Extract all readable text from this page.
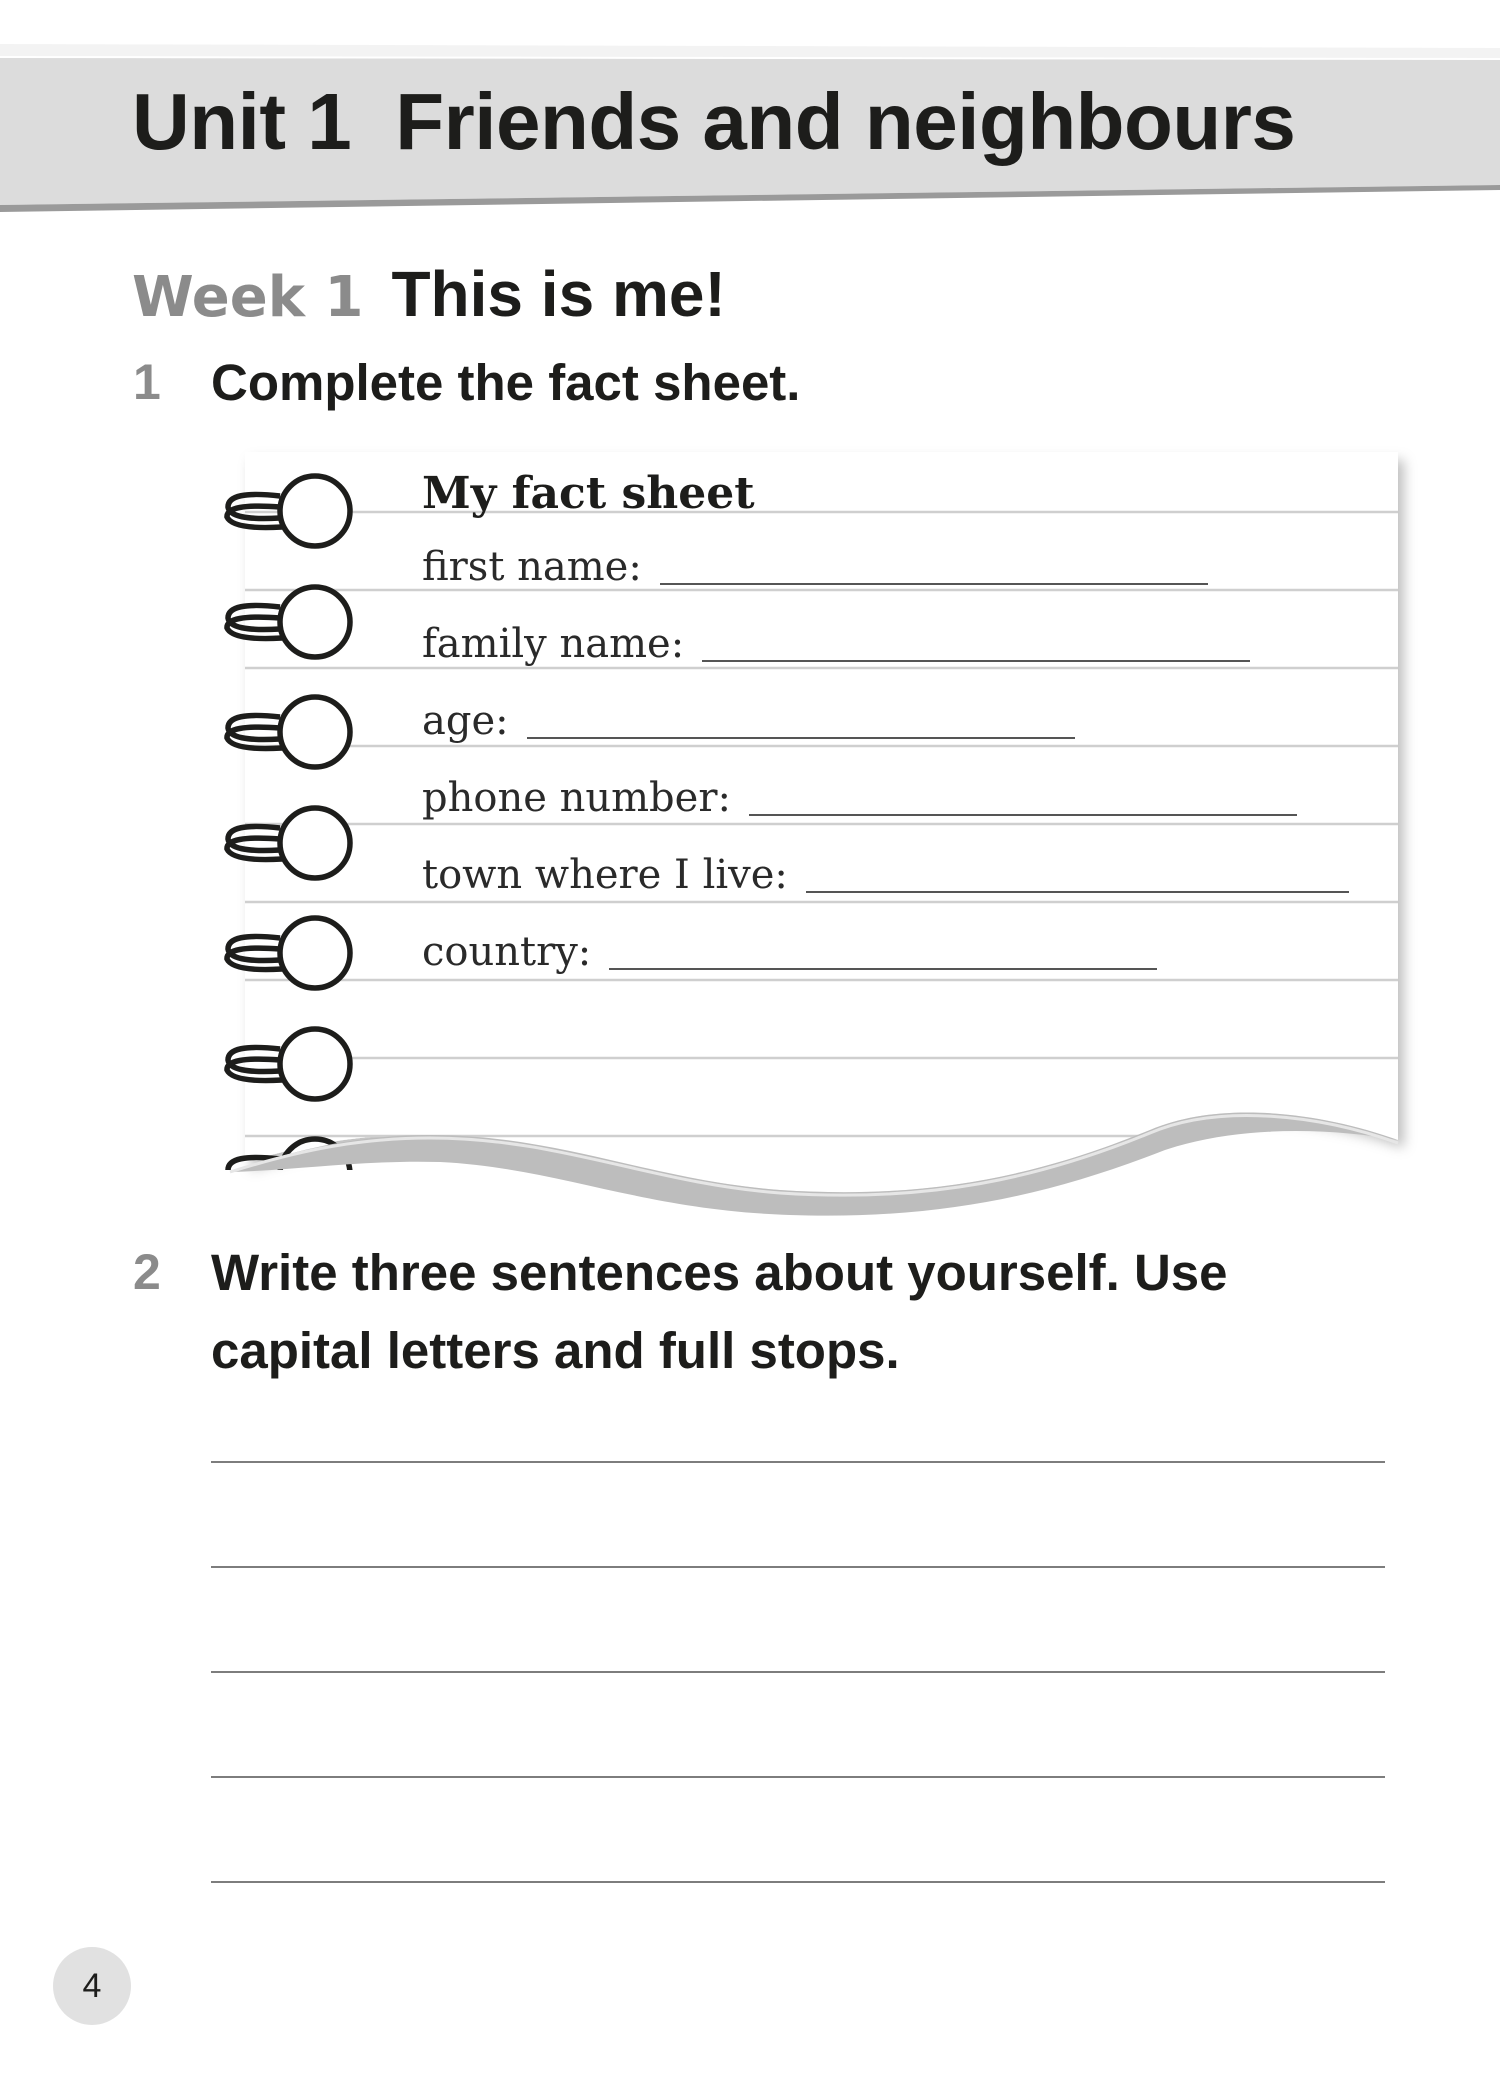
Unit 1 Friends and neighbours
Week 1 This is me!
1 Complete the fact sheet.
My fact sheet
first name:
family name:
age:
phone number:
town where I live:
country:
2 Write three sentences about yourself. Use capital letters and full stops.
4
